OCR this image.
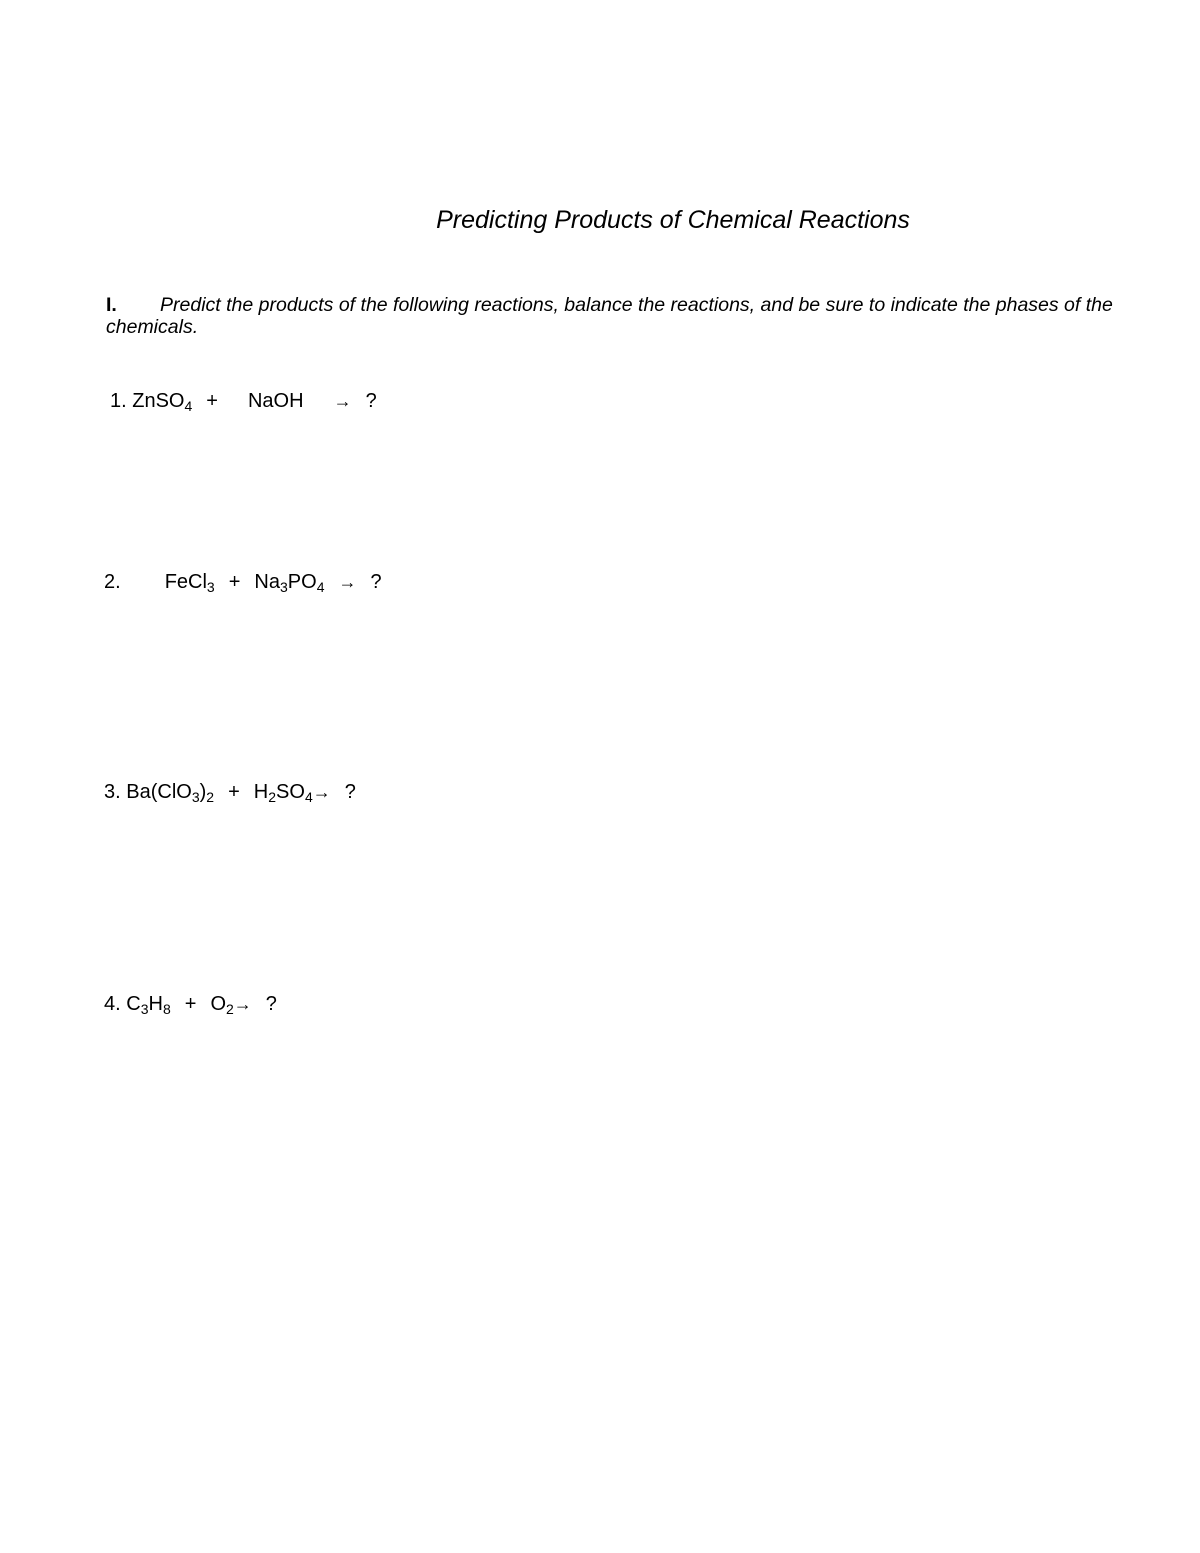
Predicting Products of Chemical Reactions
I. Predict the products of the following reactions, balance the reactions, and be sure to indicate the phases of the chemicals.
1. ZnSO$_4$ + NaOH → ?
2. FeCl$_3$ + $Na_3PO_4$ → ?
3. $Ba(ClO_3)_2 + H_2SO_4\to$ ?
4. $C_3H_8 + O_2\to$ ?
